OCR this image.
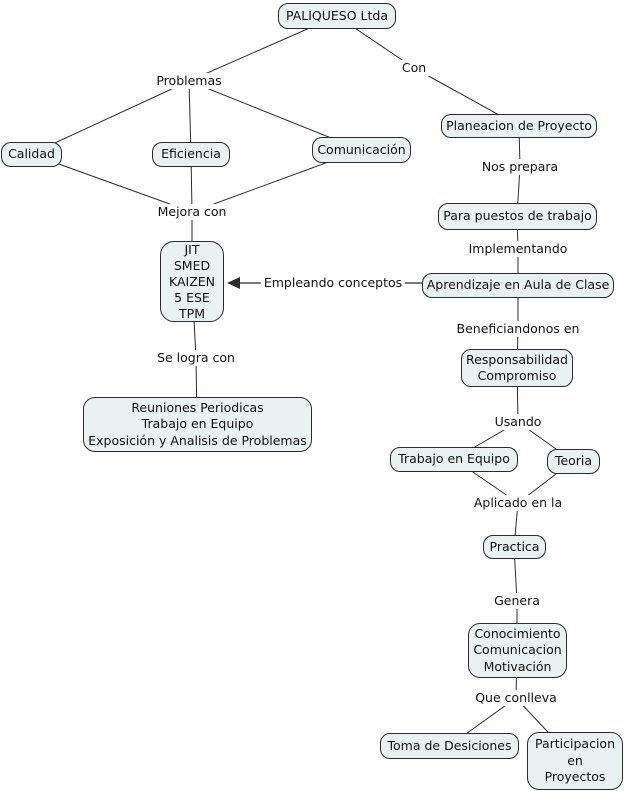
PALIQUESO Ltda
Planeacion de Proyecto
Calidad	Eficiencia	Comunicación
Para puestos de trabajo
JIT
SMED
KAIZEN
5 ESE
TPM
Aprendizaje en Aula de Clase
Responsabilidad
Compromiso
Reuniones Periodicas
Trabajo en Equipo
Exposición y Analisis de Problemas
Trabajo en Equipo	Teoria
Practica
Conocimiento
Comunicacion
Motivación
Toma de Desiciones Participacion
en
Proyectos
Problemas
Con
Nos prepara
Mejora con
Implementando
Empleando conceptos
Beneficiandonos en
Se logra con
Usando
Aplicado en la
Genera
Que conlleva
